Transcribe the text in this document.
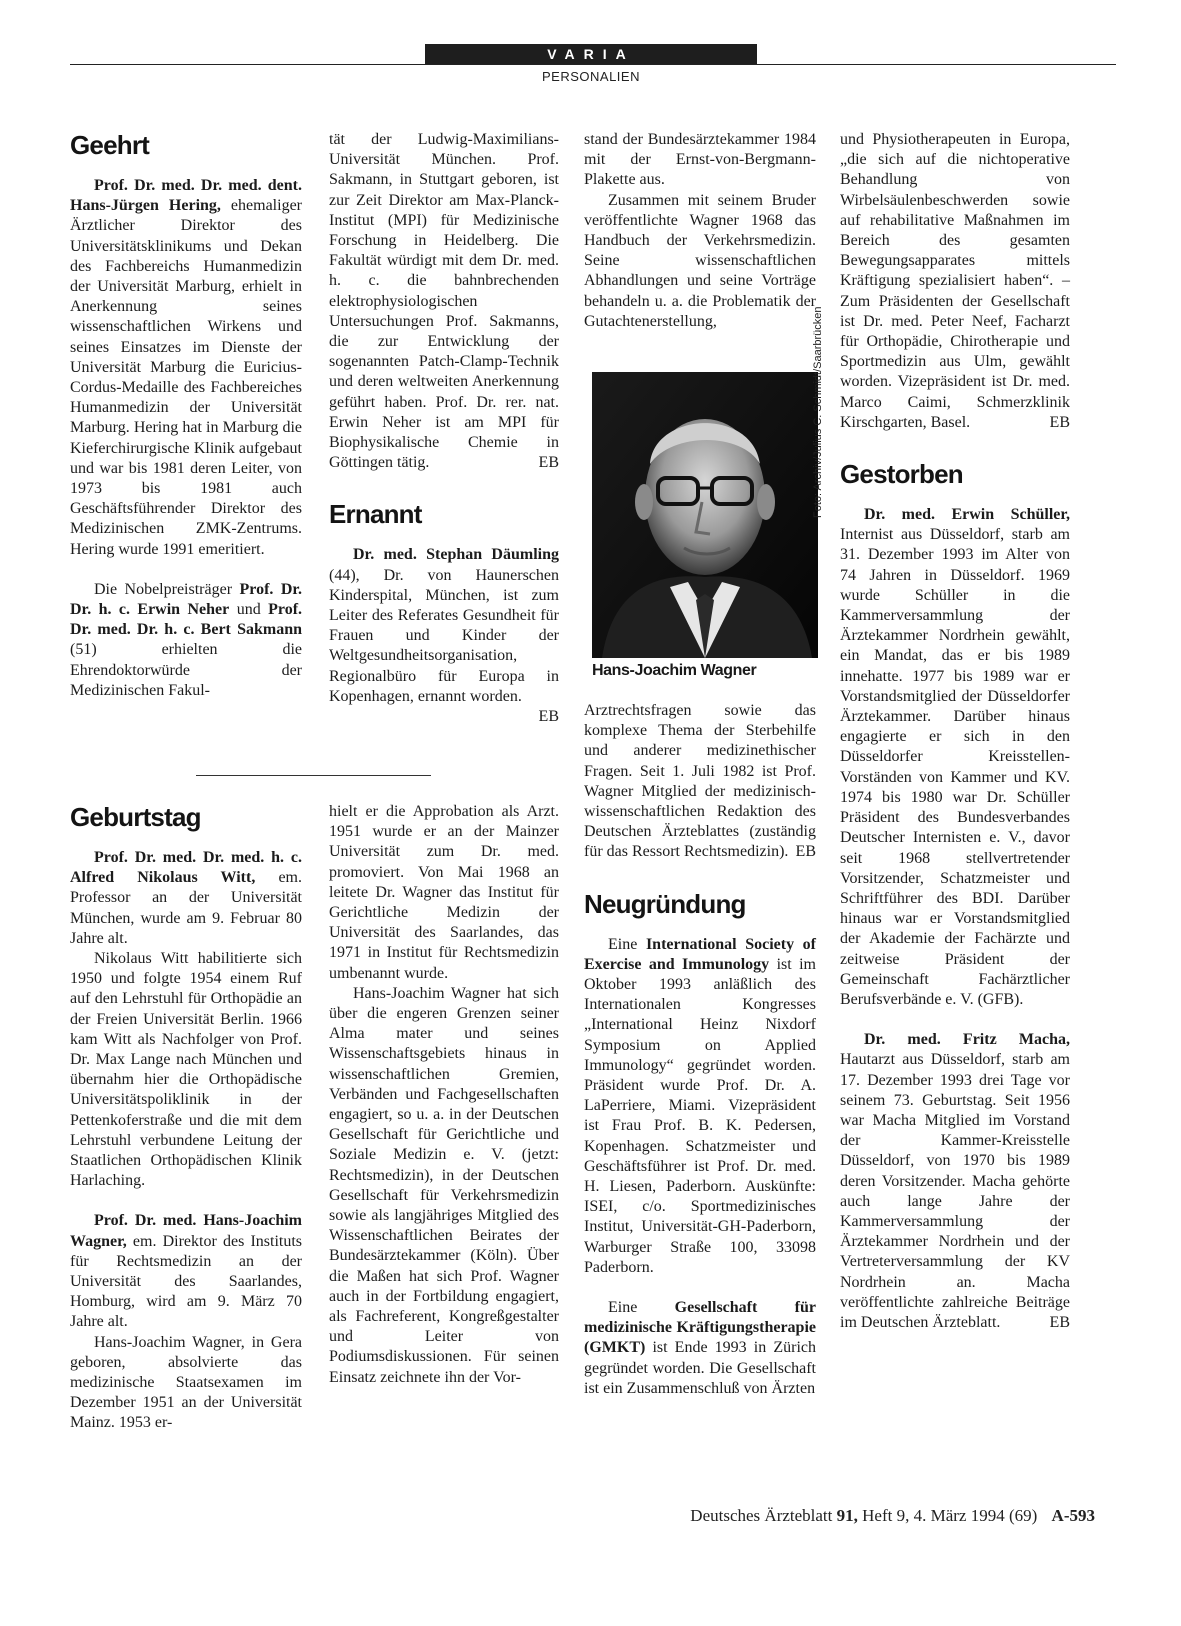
VARIA
PERSONALIEN
Geehrt

Prof. Dr. med. Dr. med. dent. Hans-Jürgen Hering, ehemaliger Ärztlicher Direktor des Universitätsklinikums und Dekan des Fachbereichs Humanmedizin der Universität Marburg, erhielt in Anerkennung seines wissenschaftlichen Wirkens und seines Einsatzes im Dienste der Universität Marburg die Euricius-Cordus-Medaille des Fachbereiches Humanmedizin der Universität Marburg. Hering hat in Marburg die Kieferchirurgische Klinik aufgebaut und war bis 1981 deren Leiter, von 1973 bis 1981 auch Geschäftsführender Direktor des Medizinischen ZMK-Zentrums. Hering wurde 1991 emeritiert.

Die Nobelpreisträger Prof. Dr. Dr. h. c. Erwin Neher und Prof. Dr. med. Dr. h. c. Bert Sakmann (51) erhielten die Ehrendoktorwürde der Medizinischen Fakul-

Geburtstag

Prof. Dr. med. Dr. med. h. c. Alfred Nikolaus Witt, em. Professor an der Universität München, wurde am 9. Februar 80 Jahre alt.

Nikolaus Witt habilitierte sich 1950 und folgte 1954 einem Ruf auf den Lehrstuhl für Orthopädie an der Freien Universität Berlin. 1966 kam Witt als Nachfolger von Prof. Dr. Max Lange nach München und übernahm hier die Orthopädische Universitätspoliklinik in der Pettenkoferstraße und die mit dem Lehrstuhl verbundene Leitung der Staatlichen Orthopädischen Klinik Harlaching.

Prof. Dr. med. Hans-Joachim Wagner, em. Direktor des Instituts für Rechtsmedizin an der Universität des Saarlandes, Homburg, wird am 9. März 70 Jahre alt.

Hans-Joachim Wagner, in Gera geboren, absolvierte das medizinische Staatsexamen im Dezember 1951 an der Universität Mainz. 1953 er-

tät der Ludwig-Maximilians-Universität München. Prof. Sakmann, in Stuttgart geboren, ist zur Zeit Direktor am Max-Planck-Institut (MPI) für Medizinische Forschung in Heidelberg. Die Fakultät würdigt mit dem Dr. med. h. c. die bahnbrechenden elektrophysiologischen Untersuchungen Prof. Sakmanns, die zur Entwicklung der sogenannten Patch-Clamp-Technik und deren weltweiten Anerkennung geführt haben. Prof. Dr. rer. nat. Erwin Neher ist am MPI für Biophysikalische Chemie in Göttingen tätig.	EB

Ernannt

Dr. med. Stephan Däumling (44), Dr. von Haunerschen Kinderspital, München, ist zum Leiter des Referates Gesundheit für Frauen und Kinder der Weltgesundheitsorganisation, Regionalbüro für Europa in Kopenhagen, ernannt worden.
EB

hielt er die Approbation als Arzt. 1951 wurde er an der Mainzer Universität zum Dr. med. promoviert. Von Mai 1968 an leitete Dr. Wagner das Institut für Gerichtliche Medizin der Universität des Saarlandes, das 1971 in Institut für Rechtsmedizin umbenannt wurde.

Hans-Joachim Wagner hat sich über die engeren Grenzen seiner Alma mater und seines Wissenschaftsgebiets hinaus in wissenschaftlichen Gremien, Verbänden und Fachgesellschaften engagiert, so u. a. in der Deutschen Gesellschaft für Gerichtliche und Soziale Medizin e. V. (jetzt: Rechtsmedizin), in der Deutschen Gesellschaft für Verkehrsmedizin sowie als langjähriges Mitglied des Wissenschaftlichen Beirates der Bundesärztekammer (Köln). Über die Maßen hat sich Prof. Wagner auch in der Fortbildung engagiert, als Fachreferent, Kongreßgestalter und Leiter von Podiumsdiskussionen. Für seinen Einsatz zeichnete ihn der Vor-

stand der Bundesärztekammer 1984 mit der Ernst-von-Bergmann-Plakette aus.

Zusammen mit seinem Bruder veröffentlichte Wagner 1968 das Handbuch der Verkehrsmedizin. Seine wissenschaftlichen Abhandlungen und seine Vorträge behandeln u. a. die Problematik der Gutachtenerstellung,	Foto: Archiv/Julius C. Schmidt/Saarbrücken
Hans-Joachim Wagner

Arztrechtsfragen sowie das komplexe Thema der Sterbehilfe und anderer medizinethischer Fragen. Seit 1. Juli 1982 ist Prof. Wagner Mitglied der medizinisch-wissenschaftlichen Redaktion des Deutschen Ärzteblattes (zuständig für das Ressort Rechtsmedizin). EB

Neugründung

Eine International Society of Exercise and Immunology ist im Oktober 1993 anläßlich des Internationalen Kongresses „International Heinz Nixdorf Symposium on Applied Immunology“ gegründet worden. Präsident wurde Prof. Dr. A. LaPerriere, Miami. Vizepräsident ist Frau Prof. B. K. Pedersen, Kopenhagen. Schatzmeister und Geschäftsführer ist Prof. Dr. med. H. Liesen, Paderborn. Auskünfte: ISEI, c/o. Sportmedizinisches Institut, Universität-GH-Paderborn, Warburger Straße 100, 33098 Paderborn.

Eine Gesellschaft für medizinische Kräftigungstherapie (GMKT) ist Ende 1993 in Zürich gegründet worden. Die Gesellschaft ist ein Zusammenschluß von Ärzten

und Physiotherapeuten in Europa, „die sich auf die nichtoperative Behandlung von Wirbelsäulenbeschwerden sowie auf rehabilitative Maßnahmen im Bereich des gesamten Bewegungsapparates mittels Kräftigung spezialisiert haben“. – Zum Präsidenten der Gesellschaft ist Dr. med. Peter Neef, Facharzt für Orthopädie, Chirotherapie und Sportmedizin aus Ulm, gewählt worden. Vizepräsident ist Dr. med. Marco Caimi, Schmerzklinik Kirschgarten, Basel.	EB

Gestorben

Dr. med. Erwin Schüller, Internist aus Düsseldorf, starb am 31. Dezember 1993 im Alter von 74 Jahren in Düsseldorf. 1969 wurde Schüller in die Kammerversammlung der Ärztekammer Nordrhein gewählt, ein Mandat, das er bis 1989 innehatte. 1977 bis 1989 war er Vorstandsmitglied der Düsseldorfer Ärztekammer. Darüber hinaus engagierte er sich in den Düsseldorfer Kreisstellen-Vorständen von Kammer und KV. 1974 bis 1980 war Dr. Schüller Präsident des Bundesverbandes Deutscher Internisten e. V., davor seit 1968 stellvertretender Vorsitzender, Schatzmeister und Schriftführer des BDI. Darüber hinaus war er Vorstandsmitglied der Akademie der Fachärzte und zeitweise Präsident der Gemeinschaft Fachärztlicher Berufsverbände e. V. (GFB).

Dr. med. Fritz Macha, Hautarzt aus Düsseldorf, starb am 17. Dezember 1993 drei Tage vor seinem 73. Geburtstag. Seit 1956 war Macha Mitglied im Vorstand der Kammer-Kreisstelle Düsseldorf, von 1970 bis 1989 deren Vorsitzender. Macha gehörte auch lange Jahre der Kammerversammlung der Ärztekammer Nordrhein und der Vertreterversammlung der KV Nordrhein an. Macha veröffentlichte zahlreiche Beiträge im Deutschen Ärzteblatt.	EB

Deutsches Ärzteblatt 91, Heft 9, 4. März 1994 (69) A-593
